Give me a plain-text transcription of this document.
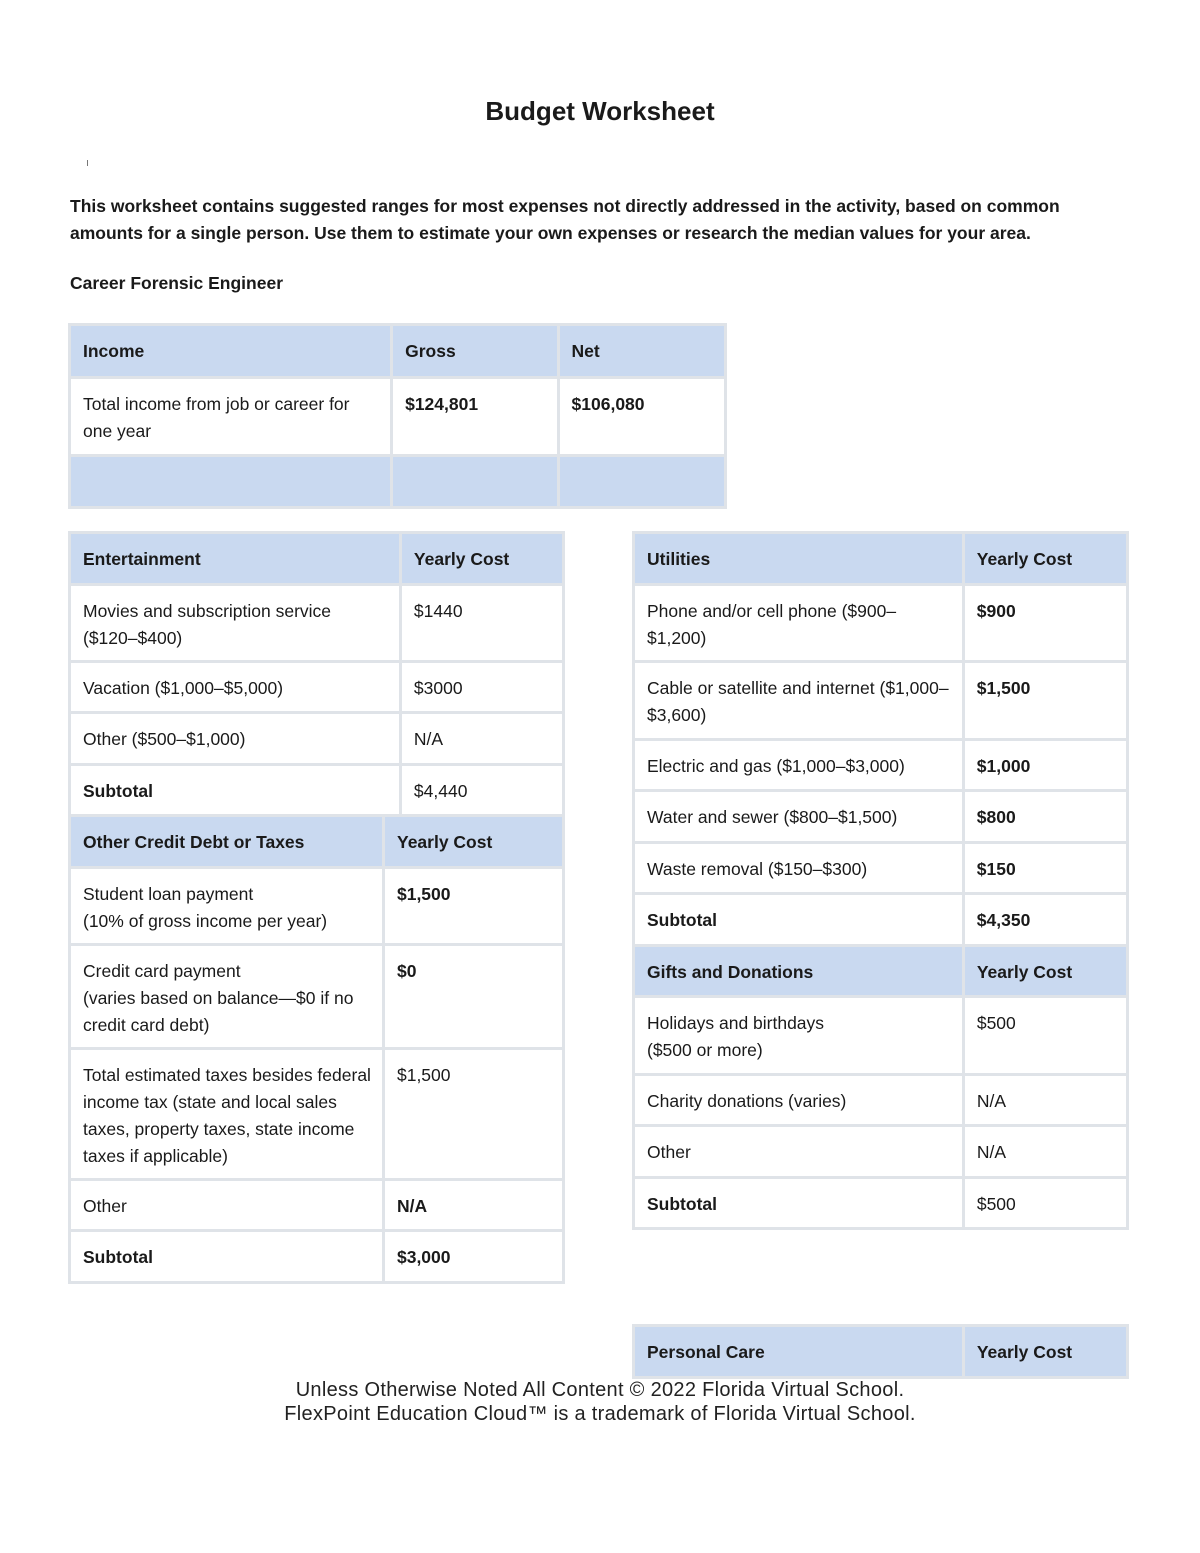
Budget Worksheet

This worksheet contains suggested ranges for most expenses not directly addressed in the activity, based on common amounts for a single person. Use them to estimate your own expenses or research the median values for your area.

Career Forensic Engineer

Income	Gross	Net
Total income from job or career for one year	$124,801	$106,080

Entertainment	Yearly Cost
Movies and subscription service ($120–$400)	$1440
Vacation ($1,000–$5,000)	$3000
Other ($500–$1,000)	N/A
Subtotal	$4,440
Other Credit Debt or Taxes	Yearly Cost
Student loan payment
(10% of gross income per year)	$1,500
Credit card payment
(varies based on balance—$0 if no credit card debt)	$0
Total estimated taxes besides federal income tax (state and local sales taxes, property taxes, state income taxes if applicable)	$1,500
Other	N/A
Subtotal	$3,000
Utilities	Yearly Cost
Phone and/or cell phone ($900–$1,200)	$900
Cable or satellite and internet ($1,000–$3,600)	$1,500
Electric and gas ($1,000–$3,000)	$1,000
Water and sewer ($800–$1,500)	$800
Waste removal ($150–$300)	$150
Subtotal	$4,350
Gifts and Donations	Yearly Cost
Holidays and birthdays
($500 or more)	$500
Charity donations (varies)	N/A
Other	N/A
Subtotal	$500
Personal Care	Yearly Cost
Unless Otherwise Noted All Content © 2022 Florida Virtual School.
FlexPoint Education Cloud™ is a trademark of Florida Virtual School.
